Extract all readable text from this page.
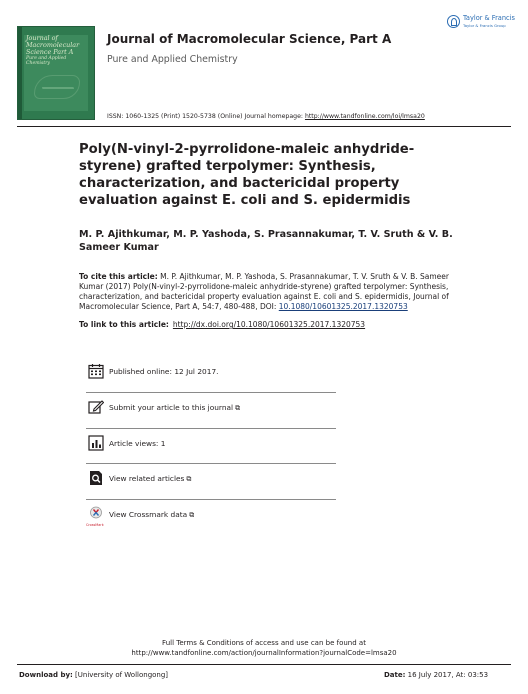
Journal of
Macromolecular
Science Part A
Pure and Applied Chemistry
Journal of Macromolecular Science, Part A
Pure and Applied Chemistry
Taylor & Francis
Taylor & Francis Group
ISSN: 1060-1325 (Print) 1520-5738 (Online) Journal homepage: http://www.tandfonline.com/loi/lmsa20
Poly(N-vinyl-2-pyrrolidone-maleic anhydride-styrene) grafted terpolymer: Synthesis, characterization, and bactericidal property evaluation against E. coli and S. epidermidis
M. P. Ajithkumar, M. P. Yashoda, S. Prasannakumar, T. V. Sruth & V. B. Sameer Kumar
To cite this article: M. P. Ajithkumar, M. P. Yashoda, S. Prasannakumar, T. V. Sruth & V. B. Sameer Kumar (2017) Poly(N-vinyl-2-pyrrolidone-maleic anhydride-styrene) grafted terpolymer: Synthesis, characterization, and bactericidal property evaluation against E. coli and S. epidermidis, Journal of Macromolecular Science, Part A, 54:7, 480-488, DOI: 10.1080/10601325.2017.1320753
To link to this article: http://dx.doi.org/10.1080/10601325.2017.1320753
Published online: 12 Jul 2017.
Submit your article to this journal ⧉
Article views: 1
View related articles ⧉
CrossMark
View Crossmark data ⧉
Full Terms & Conditions of access and use can be found at
http://www.tandfonline.com/action/journalInformation?journalCode=lmsa20
Download by: [University of Wollongong]	Date: 16 July 2017, At: 03:53
